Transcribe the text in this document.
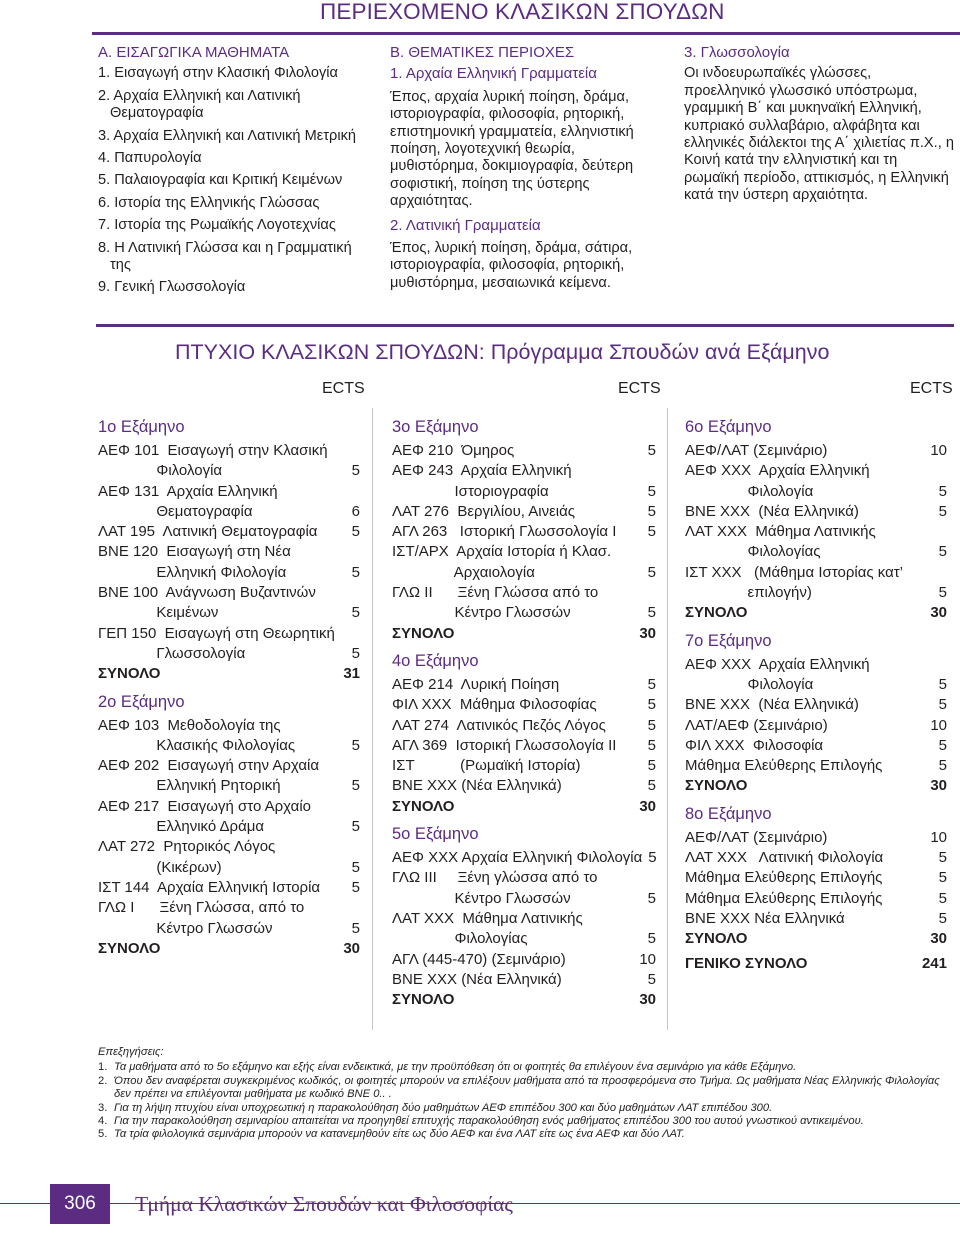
ΠΕΡΙΕΧΟΜΕΝΟ ΚΛΑΣΙΚΩΝ ΣΠΟΥΔΩΝ
Α. ΕΙΣΑΓΩΓΙΚΑ ΜΑΘΗΜΑΤΑ
1. Εισαγωγή στην Κλασική Φιλολογία
2. Αρχαία Ελληνική και Λατινική Θεματογραφία
3. Αρχαία Ελληνική και Λατινική Μετρική
4. Παπυρολογία
5. Παλαιογραφία και Κριτική Κειμένων
6. Ιστορία της Ελληνικής Γλώσσας
7. Ιστορία της Ρωμαϊκής Λογοτεχνίας
8. Η Λατινική Γλώσσα και η Γραμματική της
9. Γενική Γλωσσολογία
Β. ΘΕΜΑΤΙΚΕΣ ΠΕΡΙΟΧΕΣ
1. Αρχαία Ελληνική Γραμματεία
Έπος, αρχαία λυρική ποίηση, δράμα, ιστοριογραφία, φιλοσοφία, ρητορική, επιστημονική γραμματεία, ελληνιστική ποίηση, λογοτεχνική θεωρία, μυθιστόρημα, δοκιμιογραφία, δεύτερη σοφιστική, ποίηση της ύστερης αρχαιότητας.
2. Λατινική Γραμματεία
Έπος, λυρική ποίηση, δράμα, σάτιρα, ιστοριογραφία, φιλοσοφία, ρητορική, μυθιστόρημα, μεσαιωνικά κείμενα.
3. Γλωσσολογία
Οι ινδοευρωπαϊκές γλώσσες, προελληνικό γλωσσικό υπόστρωμα, γραμμική Β΄ και μυκηναϊκή Ελληνική, κυπριακό συλλαβάριο, αλφάβητα και ελληνικές διάλεκτοι της Α΄ χιλιετίας π.Χ., η Κοινή κατά την ελληνιστική και τη ρωμαϊκή περίοδο, αττικισμός, η Ελληνική κατά την ύστερη αρχαιότητα.
ΠΤΥΧΙΟ ΚΛΑΣΙΚΩΝ ΣΠΟΥΔΩΝ: Πρόγραμμα Σπουδών ανά Εξάμηνο
ECTS	ECTS	ECTS
1ο Εξάμηνο
ΑΕΦ 101  Εισαγωγή στην Κλασική
Φιλολογία	5
ΑΕΦ 131  Αρχαία Ελληνική
Θεματογραφία	6
ΛΑΤ 195  Λατινική Θεματογραφία	5
ΒΝΕ 120  Εισαγωγή στη Νέα
Ελληνική Φιλολογία	5
ΒΝΕ 100  Ανάγνωση Βυζαντινών
Κειμένων	5
ΓΕΠ 150  Εισαγωγή στη Θεωρητική
Γλωσσολογία	5
ΣΥΝΟΛΟ	31
2ο Εξάμηνο
ΑΕΦ 103  Μεθοδολογία της
Κλασικής Φιλολογίας	5
ΑΕΦ 202  Εισαγωγή στην Αρχαία
Ελληνική Ρητορική	5
ΑΕΦ 217  Εισαγωγή στο Αρχαίο
Ελληνικό Δράμα	5
ΛΑΤ 272  Ρητορικός Λόγος
(Κικέρων)	5
ΙΣΤ 144  Αρχαία Ελληνική Ιστορία	5
ΓΛΩ Ι      Ξένη Γλώσσα, από το
Κέντρο Γλωσσών	5
ΣΥΝΟΛΟ	30
3ο Εξάμηνο
ΑΕΦ 210  Όμηρος	5
ΑΕΦ 243  Αρχαία Ελληνική
Ιστοριογραφία	5
ΛΑΤ 276  Βεργιλίου, Αινειάς	5
ΑΓΛ 263   Ιστορική Γλωσσολογία Ι	5
ΙΣΤ/ΑΡΧ  Αρχαία Ιστορία ή Κλασ.
Αρχαιολογία	5
ΓΛΩ ΙΙ      Ξένη Γλώσσα από το
Κέντρο Γλωσσών	5
ΣΥΝΟΛΟ	30
4ο Εξάμηνο
ΑΕΦ 214  Λυρική Ποίηση	5
ΦΙΛ ΧΧΧ  Μάθημα Φιλοσοφίας	5
ΛΑΤ 274  Λατινικός Πεζός Λόγος	5
ΑΓΛ 369  Ιστορική Γλωσσολογία ΙΙ	5
ΙΣΤ           (Ρωμαϊκή Ιστορία)	5
ΒΝΕ ΧΧΧ (Νέα Ελληνικά)	5
ΣΥΝΟΛΟ	30
5ο Εξάμηνο
ΑΕΦ ΧΧΧ Αρχαία Ελληνική Φιλολογία 5
ΓΛΩ ΙΙΙ     Ξένη γλώσσα από το
Κέντρο Γλωσσών	5
ΛΑΤ ΧΧΧ  Μάθημα Λατινικής
Φιλολογίας	5
ΑΓΛ (445-470) (Σεμινάριο)	10
ΒΝΕ ΧΧΧ (Νέα Ελληνικά)	5
ΣΥΝΟΛΟ	30
6ο Εξάμηνο
ΑΕΦ/ΛΑΤ (Σεμινάριο)	10
ΑΕΦ ΧΧΧ  Αρχαία Ελληνική
Φιλολογία	5
ΒΝΕ ΧΧΧ  (Νέα Ελληνικά)	5
ΛΑΤ ΧΧΧ  Μάθημα Λατινικής
Φιλολογίας	5
ΙΣΤ ΧΧΧ   (Μάθημα Ιστορίας κατ’
επιλογήν)	5
ΣΥΝΟΛΟ	30
7ο Εξάμηνο
ΑΕΦ ΧΧΧ  Αρχαία Ελληνική
Φιλολογία	5
ΒΝΕ ΧΧΧ  (Νέα Ελληνικά)	5
ΛΑΤ/ΑΕΦ (Σεμινάριο)	10
ΦΙΛ ΧΧΧ  Φιλοσοφία	5
Μάθημα Ελεύθερης Επιλογής	5
ΣΥΝΟΛΟ	30
8ο Εξάμηνο
ΑΕΦ/ΛΑΤ (Σεμινάριο)	10
ΛΑΤ ΧΧΧ   Λατινική Φιλολογία	5
Μάθημα Ελεύθερης Επιλογής	5
Μάθημα Ελεύθερης Επιλογής	5
ΒΝΕ ΧΧΧ Νέα Ελληνικά	5
ΣΥΝΟΛΟ	30
ΓΕΝΙΚΟ ΣΥΝΟΛΟ	241
Επεξηγήσεις:
1. Τα μαθήματα από το 5ο εξάμηνο και εξής είναι ενδεικτικά, με την προϋπόθεση ότι οι φοιτητές θα επιλέγουν ένα σεμινάριο για κάθε Εξάμηνο.
2. Όπου δεν αναφέρεται συγκεκριμένος κωδικός, οι φοιτητές μπορούν να επιλέξουν μαθήματα από τα προσφερόμενα στο Τμήμα. Ως μαθήματα Νέας Ελληνικής Φιλολογίας δεν πρέπει να επιλέγονται μαθήματα με κωδικό ΒΝΕ 0.. .
3. Για τη λήψη πτυχίου είναι υποχρεωτική η παρακολούθηση δύο μαθημάτων ΑΕΦ επιπέδου 300 και δύο μαθημάτων ΛΑΤ επιπέδου 300.
4. Για την παρακολούθηση σεμιναρίου απαιτείται να προηγηθεί επιτυχής παρακολούθηση ενός μαθήματος επιπέδου 300 του αυτού γνωστικού αντικειμένου.
5. Τα τρία φιλολογικά σεμινάρια μπορούν να κατανεμηθούν είτε ως δύο ΑΕΦ και ένα ΛΑΤ είτε ως ένα ΑΕΦ και δύο ΛΑΤ.
306	Τμήμα Κλασικών Σπουδών και Φιλοσοφίας
